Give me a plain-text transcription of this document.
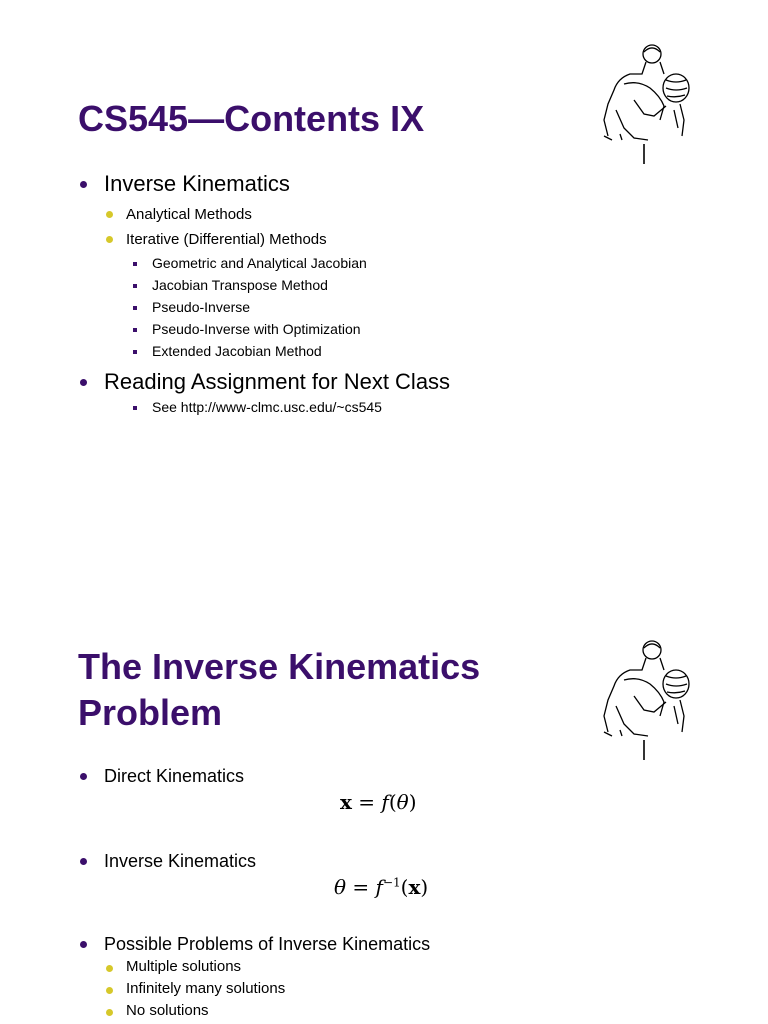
CS545—Contents IX
Inverse Kinematics
Analytical Methods
Iterative (Differential) Methods
Geometric and Analytical Jacobian
Jacobian Transpose Method
Pseudo-Inverse
Pseudo-Inverse with Optimization
Extended Jacobian Method
Reading Assignment for Next Class
See http://www-clmc.usc.edu/~cs545
The Inverse Kinematics
Problem
Direct Kinematics
x = f(θ)
Inverse Kinematics
$\theta = f^{-1}(x)$
Possible Problems of Inverse Kinematics
Multiple solutions
Infinitely many solutions
No solutions
